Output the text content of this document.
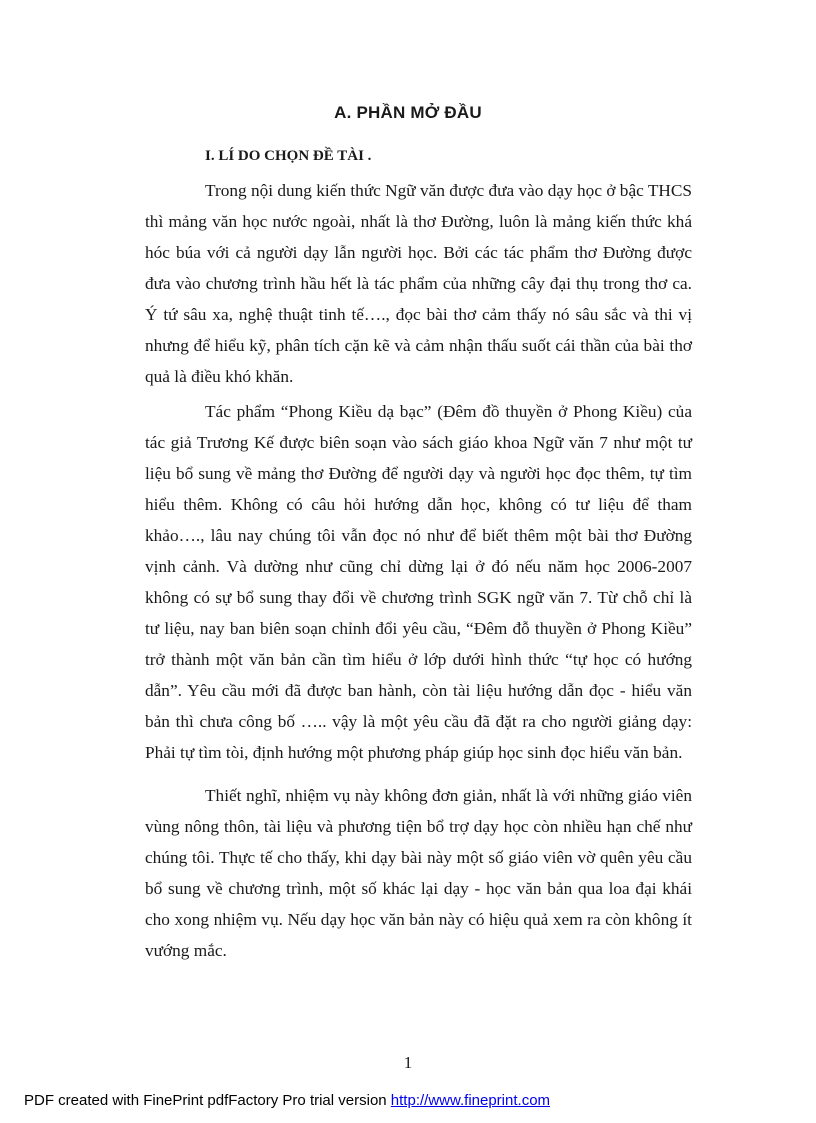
A. PHẦN MỞ ĐẦU
I. LÍ DO CHỌN ĐỀ TÀI .

Trong nội dung kiến thức Ngữ văn được đưa vào dạy học ở bậc THCS thì mảng văn học nước ngoài, nhất là thơ Đường, luôn là mảng kiến thức khá hóc búa với cả người dạy lẫn người học. Bởi các tác phẩm thơ Đường được đưa vào chương trình hầu hết là tác phẩm của những cây đại thụ trong thơ ca. Ý tứ sâu xa, nghệ thuật tinh tế…., đọc bài thơ cảm thấy nó sâu sắc và thi vị nhưng để hiểu kỹ, phân tích cặn kẽ và cảm nhận thấu suốt cái thần của bài thơ quả là điều khó khăn.

Tác phẩm “Phong Kiều dạ bạc” (Đêm đồ thuyền ở Phong Kiều) của tác giả Trương Kế được biên soạn vào sách giáo khoa Ngữ văn 7 như một tư liệu bổ sung về mảng thơ Đường để người dạy và người học đọc thêm, tự tìm hiểu thêm. Không có câu hỏi hướng dẫn học, không có tư liệu để tham khảo…., lâu nay chúng tôi vẫn đọc nó như để biết thêm một bài thơ Đường vịnh cảnh. Và dường như cũng chỉ dừng lại ở đó nếu năm học 2006-2007 không có sự bổ sung thay đổi về chương trình SGK ngữ văn 7. Từ chỗ chỉ là tư liệu, nay ban biên soạn chỉnh đổi yêu cầu, “Đêm đỗ thuyền ở Phong Kiều” trở thành một văn bản cần tìm hiểu ở lớp dưới hình thức “tự học có hướng dẫn”. Yêu cầu mới đã được ban hành, còn tài liệu hướng dẫn đọc - hiểu văn bản thì chưa công bố ….. vậy là một yêu cầu đã đặt ra cho người giảng dạy: Phải tự tìm tòi, định hướng một phương pháp giúp học sinh đọc hiểu văn bản.

Thiết nghĩ, nhiệm vụ này không đơn giản, nhất là với những giáo viên vùng nông thôn, tài liệu và phương tiện bổ trợ dạy học còn nhiều hạn chế như chúng tôi. Thực tế cho thấy, khi dạy bài này một số giáo viên vờ quên yêu cầu bổ sung về chương trình, một số khác lại dạy - học văn bản qua loa đại khái cho xong nhiệm vụ. Nếu dạy học văn bản này có hiệu quả xem ra còn không ít vướng mắc.

1
PDF created with FinePrint pdfFactory Pro trial version http://www.fineprint.com
